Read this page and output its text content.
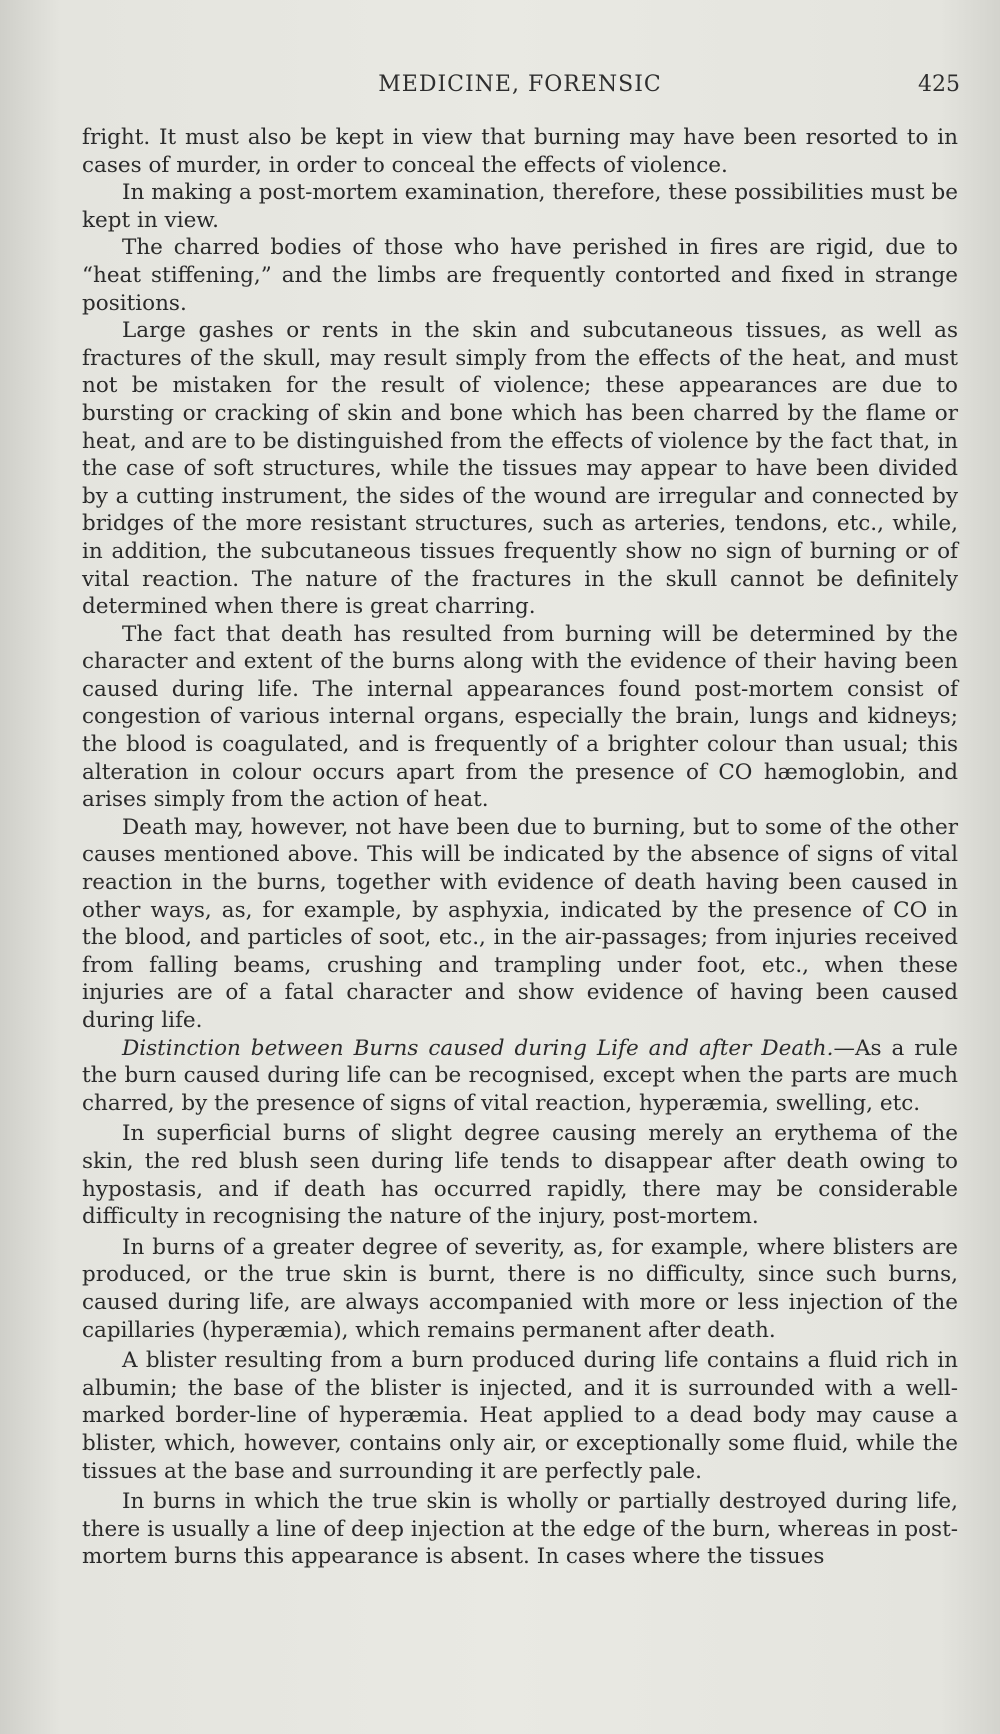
MEDICINE, FORENSIC	425

fright. It must also be kept in view that burning may have been resorted to in cases of murder, in order to conceal the effects of violence.

In making a post-mortem examination, therefore, these possibilities must be kept in view.

The charred bodies of those who have perished in fires are rigid, due to “heat stiffening,” and the limbs are frequently contorted and fixed in strange positions.

Large gashes or rents in the skin and subcutaneous tissues, as well as fractures of the skull, may result simply from the effects of the heat, and must not be mistaken for the result of violence; these appearances are due to bursting or cracking of skin and bone which has been charred by the flame or heat, and are to be distinguished from the effects of violence by the fact that, in the case of soft structures, while the tissues may appear to have been divided by a cutting instrument, the sides of the wound are irregular and connected by bridges of the more resistant structures, such as arteries, tendons, etc., while, in addition, the subcutaneous tissues frequently show no sign of burning or of vital reaction. The nature of the fractures in the skull cannot be definitely determined when there is great charring.

The fact that death has resulted from burning will be determined by the character and extent of the burns along with the evidence of their having been caused during life. The internal appearances found post-mortem consist of congestion of various internal organs, especially the brain, lungs and kidneys; the blood is coagulated, and is frequently of a brighter colour than usual; this alteration in colour occurs apart from the presence of CO hæmoglobin, and arises simply from the action of heat.

Death may, however, not have been due to burning, but to some of the other causes mentioned above. This will be indicated by the absence of signs of vital reaction in the burns, together with evidence of death having been caused in other ways, as, for example, by asphyxia, indicated by the presence of CO in the blood, and particles of soot, etc., in the air-passages; from injuries received from falling beams, crushing and trampling under foot, etc., when these injuries are of a fatal character and show evidence of having been caused during life.

Distinction between Burns caused during Life and after Death.—As a rule the burn caused during life can be recognised, except when the parts are much charred, by the presence of signs of vital reaction, hyperæmia, swelling, etc.

In superficial burns of slight degree causing merely an erythema of the skin, the red blush seen during life tends to disappear after death owing to hypostasis, and if death has occurred rapidly, there may be considerable difficulty in recognising the nature of the injury, post-mortem.

In burns of a greater degree of severity, as, for example, where blisters are produced, or the true skin is burnt, there is no difficulty, since such burns, caused during life, are always accompanied with more or less injection of the capillaries (hyperæmia), which remains permanent after death.

A blister resulting from a burn produced during life contains a fluid rich in albumin; the base of the blister is injected, and it is surrounded with a well-marked border-line of hyperæmia. Heat applied to a dead body may cause a blister, which, however, contains only air, or exceptionally some fluid, while the tissues at the base and surrounding it are perfectly pale.

In burns in which the true skin is wholly or partially destroyed during life, there is usually a line of deep injection at the edge of the burn, whereas in post-mortem burns this appearance is absent. In cases where the tissues
